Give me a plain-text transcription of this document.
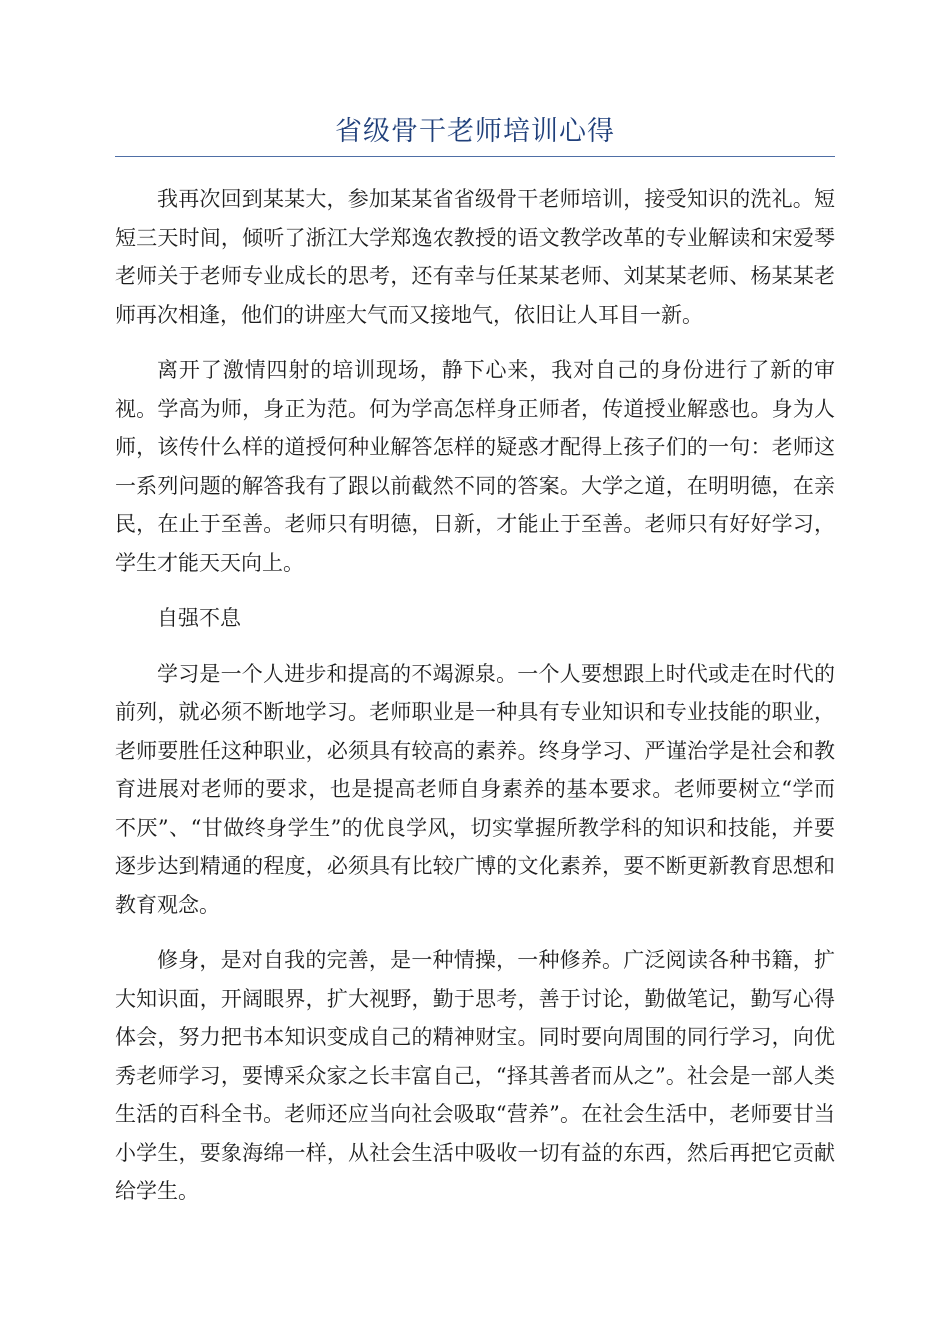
省级骨干老师培训心得

我再次回到某某大，参加某某省省级骨干老师培训，接受知识的洗礼。短短三天时间，倾听了浙江大学郑逸农教授的语文教学改革的专业解读和宋爱琴老师关于老师专业成长的思考，还有幸与任某某老师、刘某某老师、杨某某老师再次相逢，他们的讲座大气而又接地气，依旧让人耳目一新。

离开了激情四射的培训现场，静下心来，我对自己的身份进行了新的审视。学高为师，身正为范。何为学高怎样身正师者，传道授业解惑也。身为人师，该传什么样的道授何种业解答怎样的疑惑才配得上孩子们的一句：老师这一系列问题的解答我有了跟以前截然不同的答案。大学之道，在明明德，在亲民，在止于至善。老师只有明德，日新，才能止于至善。老师只有好好学习，学生才能天天向上。

自强不息

学习是一个人进步和提高的不竭源泉。一个人要想跟上时代或走在时代的前列，就必须不断地学习。老师职业是一种具有专业知识和专业技能的职业，老师要胜任这种职业，必须具有较高的素养。终身学习、严谨治学是社会和教育进展对老师的要求，也是提高老师自身素养的基本要求。老师要树立“学而不厌”、“甘做终身学生”的优良学风，切实掌握所教学科的知识和技能，并要逐步达到精通的程度，必须具有比较广博的文化素养，要不断更新教育思想和教育观念。

修身，是对自我的完善，是一种情操，一种修养。广泛阅读各种书籍，扩大知识面，开阔眼界，扩大视野，勤于思考，善于讨论，勤做笔记，勤写心得体会，努力把书本知识变成自己的精神财宝。同时要向周围的同行学习，向优秀老师学习，要博采众家之长丰富自己，“择其善者而从之”。社会是一部人类生活的百科全书。老师还应当向社会吸取“营养”。在社会生活中，老师要甘当小学生，要象海绵一样，从社会生活中吸收一切有益的东西，然后再把它贡献给学生。
